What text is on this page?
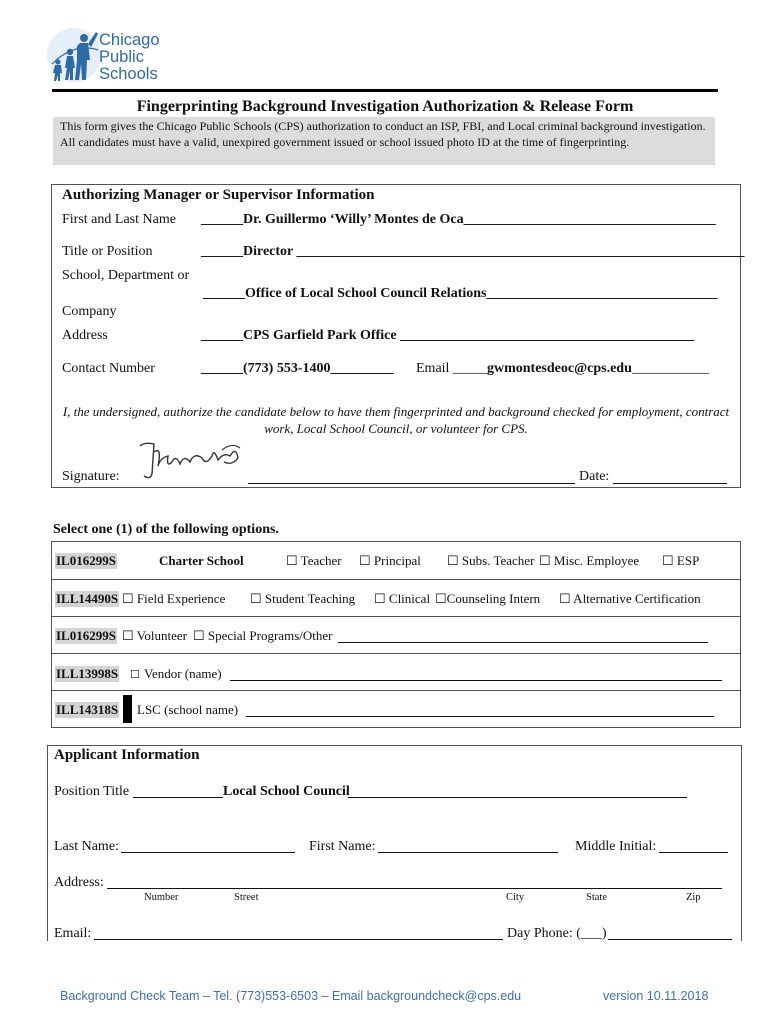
Chicago
Public
Schools
Fingerprinting Background Investigation Authorization & Release Form
This form gives the Chicago Public Schools (CPS) authorization to conduct an ISP, FBI, and Local criminal background investigation. All candidates must have a valid, unexpired government issued or school issued photo ID at the time of fingerprinting.
Authorizing Manager or Supervisor Information
First and Last Name ______Dr. Guillermo ‘Willy’ Montes de Oca____________________________________
Title or Position	______Director ________________________________________________________________
School, Department or
______Office of Local School Council Relations_________________________________
Company
Address	______CPS Garfield Park Office __________________________________________
Contact Number	______(773) 553-1400_________ Email _____ gwmontesdeoc@cps.edu ___________
I, the undersigned, authorize the candidate below to have them fingerprinted and background checked for employment, contract work, Local School Council, or volunteer for CPS.
Signature:	Date:
Select one (1) of the following options.
IL016299S	Charter School	☐ Teacher ☐ Principal ☐ Subs. Teacher ☐ Misc. Employee ☐ ESP
ILL14490S ☐ Field Experience ☐ Student Teaching ☐ Clinical ☐Counseling Intern ☐ Alternative Certification
IL016299S ☐ Volunteer ☐ Special Programs/Other
ILL13998S ☐ Vendor (name)
ILL14318S LSC (school name)
Applicant Information
Position Title	Local School Council
Last Name:	First Name:	Middle Initial:
Address:
Number	Street	City	State	Zip
Email:	Day Phone: (___)
Background Check Team – Tel. (773)553-6503 – Email backgroundcheck@cps.edu	version 10.11.2018
